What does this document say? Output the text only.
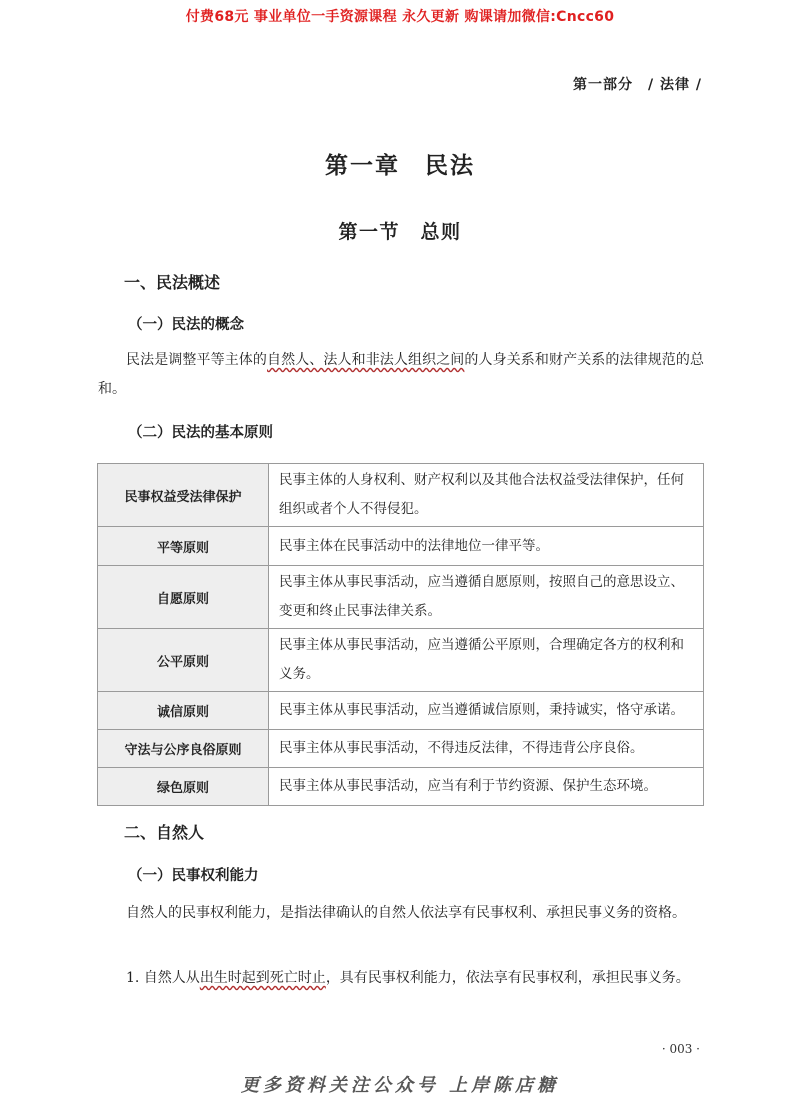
付费68元 事业单位一手资源课程 永久更新 购课请加微信:Cncc60
第一部分　/ 法律 /
第一章　民法
第一节　总则
一、民法概述
（一）民法的概念
民法是调整平等主体的自然人、法人和非法人组织之间的人身关系和财产关系的法律规范的总和。
（二）民法的基本原则
民事权益受法律保护	民事主体的人身权利、财产权利以及其他合法权益受法律保护，任何组织或者个人不得侵犯。
平等原则	民事主体在民事活动中的法律地位一律平等。
自愿原则	民事主体从事民事活动，应当遵循自愿原则，按照自己的意思设立、变更和终止民事法律关系。
公平原则	民事主体从事民事活动，应当遵循公平原则，合理确定各方的权利和义务。
诚信原则	民事主体从事民事活动，应当遵循诚信原则，秉持诚实，恪守承诺。
守法与公序良俗原则	民事主体从事民事活动，不得违反法律，不得违背公序良俗。
绿色原则	民事主体从事民事活动，应当有利于节约资源、保护生态环境。
二、自然人
（一）民事权利能力
自然人的民事权利能力，是指法律确认的自然人依法享有民事权利、承担民事义务的资格。
1. 自然人从出生时起到死亡时止，具有民事权利能力，依法享有民事权利，承担民事义务。
· 003 ·
更多资料关注公众号 上岸陈店糖
